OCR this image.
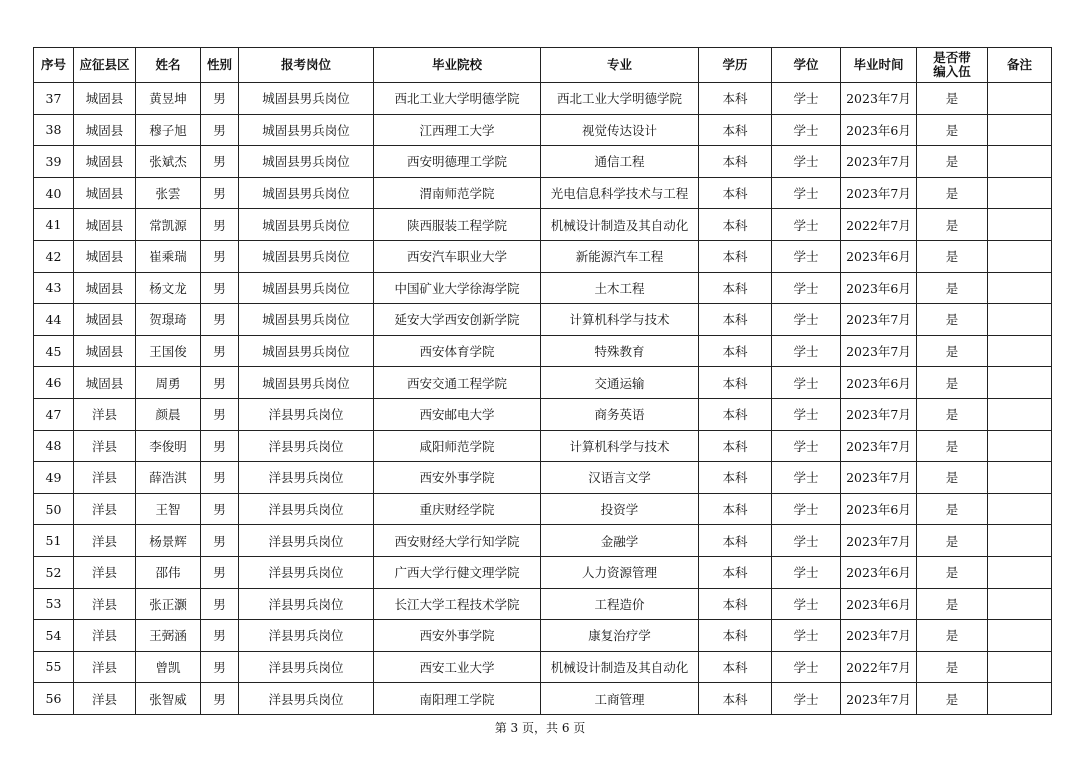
序号	应征县区	姓名	性别	报考岗位	毕业院校	专业	学历	学位	毕业时间	是否带编入伍	备注
37	城固县	黄昱坤	男	城固县男兵岗位	西北工业大学明德学院	西北工业大学明德学院	本科	学士	2023年7月	是	
38	城固县	穆子旭	男	城固县男兵岗位	江西理工大学	视觉传达设计	本科	学士	2023年6月	是	
39	城固县	张斌杰	男	城固县男兵岗位	西安明德理工学院	通信工程	本科	学士	2023年7月	是	
40	城固县	张雲	男	城固县男兵岗位	渭南师范学院	光电信息科学技术与工程	本科	学士	2023年7月	是	
41	城固县	常凯源	男	城固县男兵岗位	陕西服装工程学院	机械设计制造及其自动化	本科	学士	2022年7月	是	
42	城固县	崔乘瑞	男	城固县男兵岗位	西安汽车职业大学	新能源汽车工程	本科	学士	2023年6月	是	
43	城固县	杨文龙	男	城固县男兵岗位	中国矿业大学徐海学院	土木工程	本科	学士	2023年6月	是	
44	城固县	贺璟琦	男	城固县男兵岗位	延安大学西安创新学院	计算机科学与技术	本科	学士	2023年7月	是	
45	城固县	王国俊	男	城固县男兵岗位	西安体育学院	特殊教育	本科	学士	2023年7月	是	
46	城固县	周勇	男	城固县男兵岗位	西安交通工程学院	交通运输	本科	学士	2023年6月	是	
47	洋县	颜晨	男	洋县男兵岗位	西安邮电大学	商务英语	本科	学士	2023年7月	是	
48	洋县	李俊明	男	洋县男兵岗位	咸阳师范学院	计算机科学与技术	本科	学士	2023年7月	是	
49	洋县	薛浩淇	男	洋县男兵岗位	西安外事学院	汉语言文学	本科	学士	2023年7月	是	
50	洋县	王智	男	洋县男兵岗位	重庆财经学院	投资学	本科	学士	2023年6月	是	
51	洋县	杨景辉	男	洋县男兵岗位	西安财经大学行知学院	金融学	本科	学士	2023年7月	是	
52	洋县	邵伟	男	洋县男兵岗位	广西大学行健文理学院	人力资源管理	本科	学士	2023年6月	是	
53	洋县	张正灏	男	洋县男兵岗位	长江大学工程技术学院	工程造价	本科	学士	2023年6月	是	
54	洋县	王弼涵	男	洋县男兵岗位	西安外事学院	康复治疗学	本科	学士	2023年7月	是	
55	洋县	曾凯	男	洋县男兵岗位	西安工业大学	机械设计制造及其自动化	本科	学士	2022年7月	是	
56	洋县	张智威	男	洋县男兵岗位	南阳理工学院	工商管理	本科	学士	2023年7月	是	
第 3 页，共 6 页
